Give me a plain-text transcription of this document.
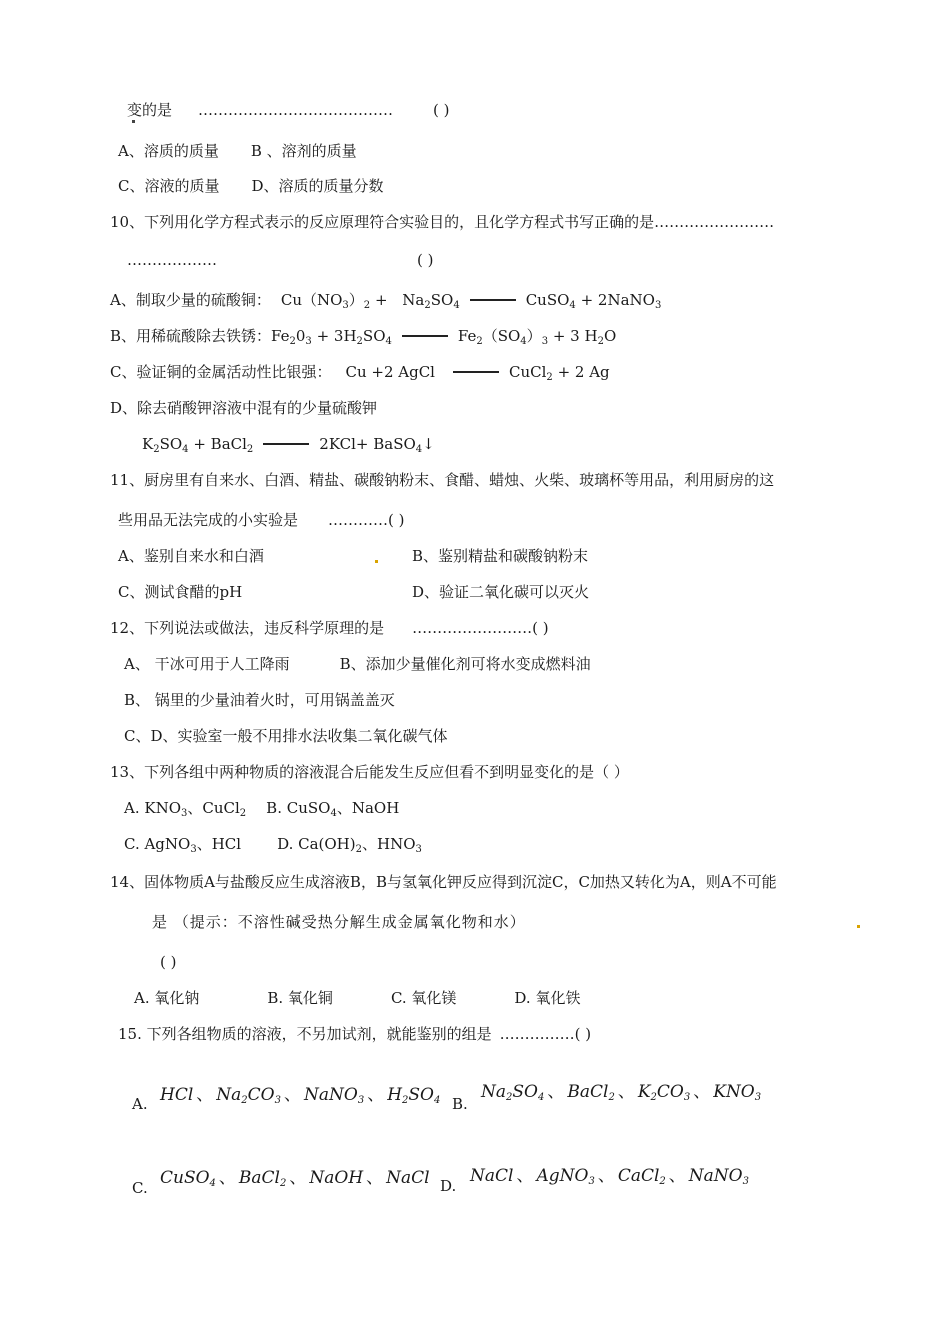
变的是 …………………………………	( )
A、溶质的质量 B 、溶剂的质量
C、溶液的质量 D、溶质的质量分数
10、下列用化学方程式表示的反应原理符合实验目的，且化学方程式书写正确的是……………………
………………	( )
A、制取少量的硫酸铜： $Cu(NO_3)_2 + Na_2SO_4$	CuSO$_4$ + 2NaNO$_3$
B、用稀硫酸除去铁锈：$Fe_20_3 + 3H_2SO_4$	$Fe_2(SO_4)_3 + 3$ $H_2O$
C、验证铜的金属活动性比银强： Cu +2 AgCl	CuCl$_2$ + 2 Ag
D、除去硝酸钾溶液中混有的少量硫酸钾
$K_2SO_4$ + BaCl$_2$	2KCl+ BaSO$_4$↓
11、厨房里有自来水、白酒、精盐、碳酸钠粉末、食醋、蜡烛、火柴、玻璃杯等用品，利用厨房的这
些用品无法完成的小实验是 …………( )
A、鉴别自来水和白酒	B、鉴别精盐和碳酸钠粉末
C、测试食醋的pH	D、验证二氧化碳可以灭火
12、下列说法或做法，违反科学原理的是 ……………………( )
A、 干冰可用于人工降雨	B、添加少量催化剂可将水变成燃料油
B、 锅里的少量油着火时，可用锅盖盖灭
C、D、实验室一般不用排水法收集二氧化碳气体
13、下列各组中两种物质的溶液混合后能发生反应但看不到明显变化的是（ ）
A. $KNO_3$、CuCl$_2$ B. CuSO$_4$、NaOH
C. AgNO$_3$、HCl D. $Ca(OH)_2$、$HNO_3$
14、固体物质A与盐酸反应生成溶液B，B与氢氧化钾反应得到沉淀C，C加热又转化为A，则A不可能
是 （提示：不溶性碱受热分解生成金属氧化物和水）
( )
A. 氧化钠	B. 氧化铜	C. 氧化镁	D. 氧化铁
15. 下列各组物质的溶液，不另加试剂，就能鉴别的组是 ……………( )
A. HCl 、 $Na_2CO_3$ 、 NaNO$_3$ 、 $H_2SO_4$ B.
$Na_2SO_4$ 、 BaCl$_2$ 、 $K_2CO_3$ 、 $KNO_3$
C. CuSO$_4$ 、 BaCl$_2$ 、 NaOH 、 NaCl D. NaCl 、 AgNO$_3$ 、 CaCl$_2$ 、 NaNO$_3$
